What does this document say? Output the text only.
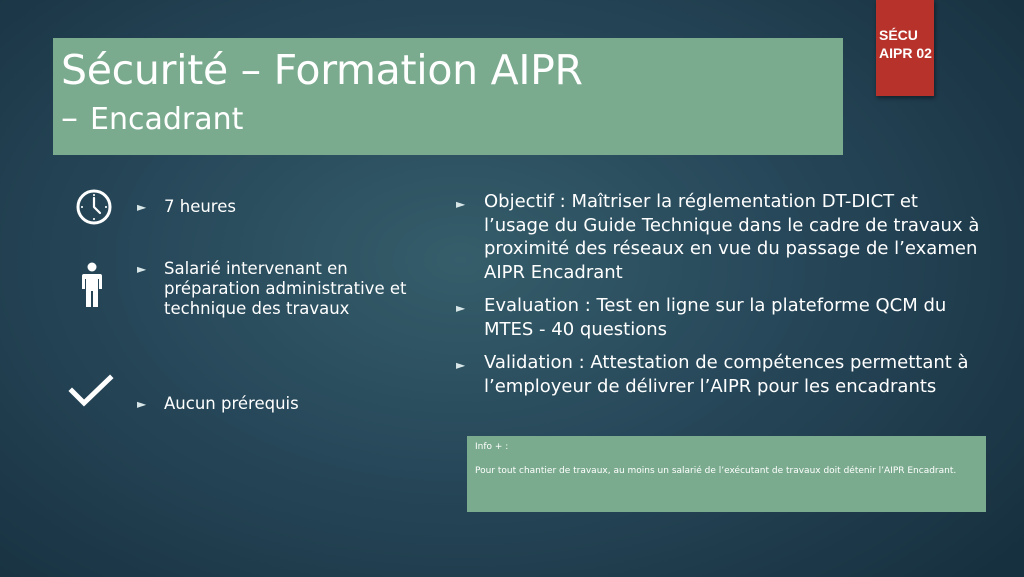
Sécurité – Formation AIPR
– Encadrant
SÉCU
AIPR 02
► 7 heures
► Salarié intervenant en préparation administrative et technique des travaux
► Aucun prérequis
► Objectif : Maîtriser la réglementation DT-DICT et l’usage du Guide Technique dans le cadre de travaux à proximité des réseaux en vue du passage de l’examen AIPR Encadrant
► Evaluation : Test en ligne sur la plateforme QCM du MTES - 40 questions
► Validation : Attestation de compétences permettant à l’employeur de délivrer l’AIPR pour les encadrants
Info + :
Pour tout chantier de travaux, au moins un salarié de l’exécutant de travaux doit détenir l’AIPR Encadrant.
